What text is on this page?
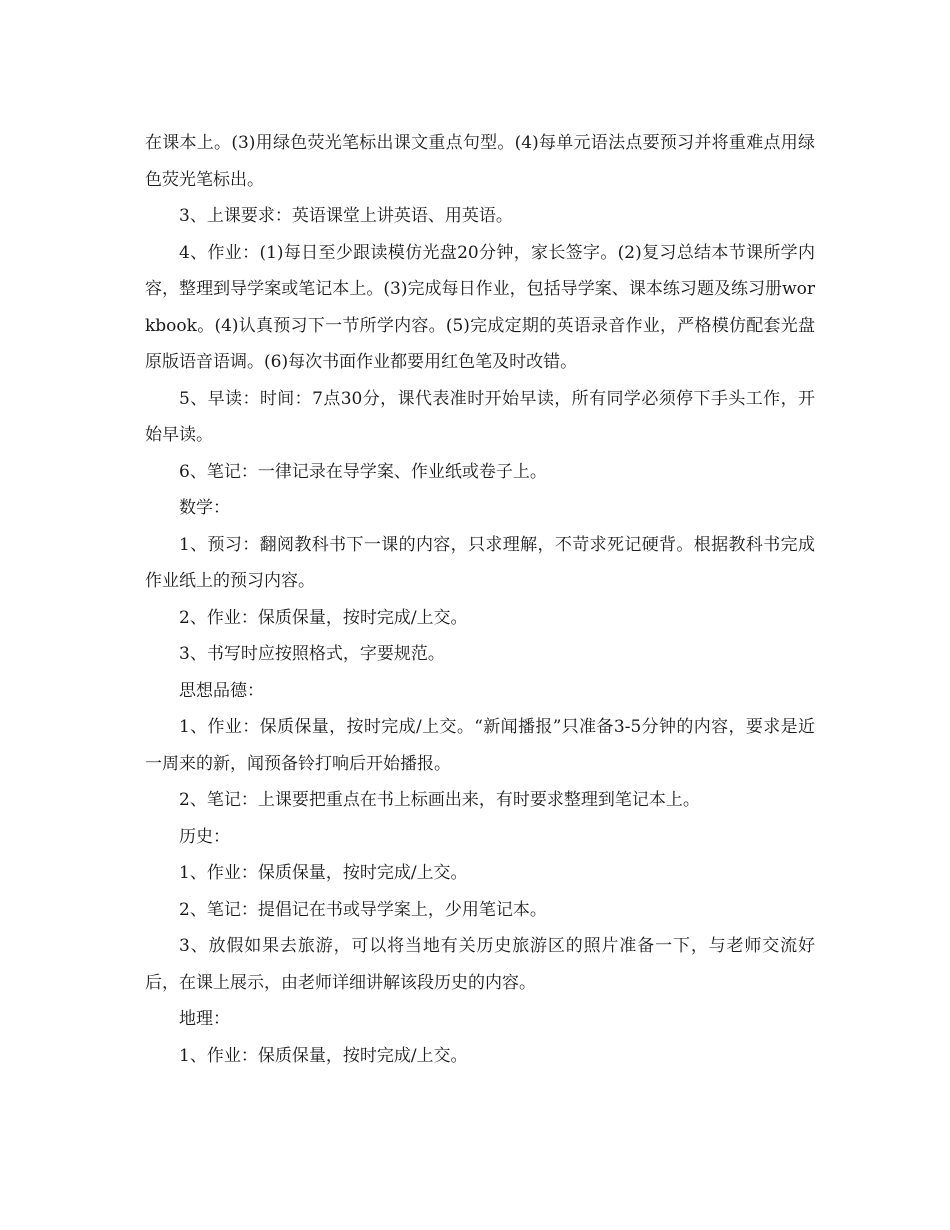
在课本上。(3)用绿色荧光笔标出课文重点句型。(4)每单元语法点要预习并将重难点用绿色荧光笔标出。

3、上课要求：英语课堂上讲英语、用英语。

4、作业：(1)每日至少跟读模仿光盘20分钟，家长签字。(2)复习总结本节课所学内容，整理到导学案或笔记本上。(3)完成每日作业，包括导学案、课本练习题及练习册workbook。(4)认真预习下一节所学内容。(5)完成定期的英语录音作业，严格模仿配套光盘原版语音语调。(6)每次书面作业都要用红色笔及时改错。

5、早读：时间：7点30分，课代表准时开始早读，所有同学必须停下手头工作，开始早读。

6、笔记：一律记录在导学案、作业纸或卷子上。

数学：

1、预习：翻阅教科书下一课的内容，只求理解，不苛求死记硬背。根据教科书完成作业纸上的预习内容。

2、作业：保质保量，按时完成/上交。

3、书写时应按照格式，字要规范。

思想品德：

1、作业：保质保量，按时完成/上交。“新闻播报”只准备3-5分钟的内容，要求是近一周来的新，闻预备铃打响后开始播报。

2、笔记：上课要把重点在书上标画出来，有时要求整理到笔记本上。

历史：

1、作业：保质保量，按时完成/上交。

2、笔记：提倡记在书或导学案上，少用笔记本。

3、放假如果去旅游，可以将当地有关历史旅游区的照片准备一下，与老师交流好后，在课上展示，由老师详细讲解该段历史的内容。

地理：

1、作业：保质保量，按时完成/上交。
